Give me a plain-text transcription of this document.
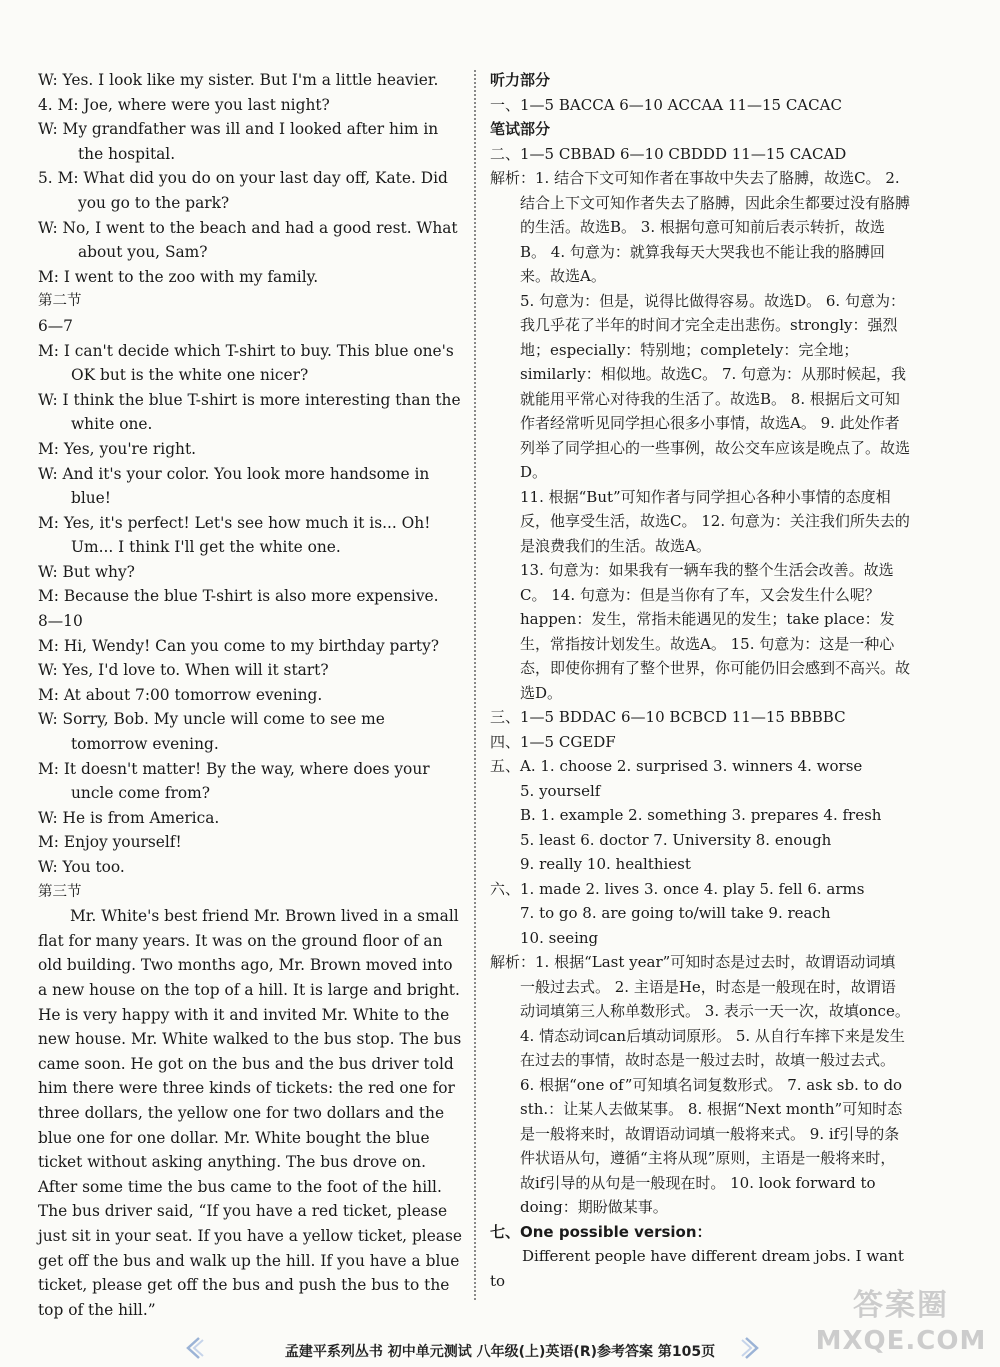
W: Yes. I look like my sister. But I'm a little heavier.

4. M: Joe, where were you last night?

W: My grandfather was ill and I looked after him in the hospital.

5. M: What did you do on your last day off, Kate. Did you go to the park?

W: No, I went to the beach and had a good rest. What about you, Sam?

M: I went to the zoo with my family.

第二节

6—7

M: I can't decide which T-shirt to buy. This blue one's OK but is the white one nicer?

W: I think the blue T-shirt is more interesting than the white one.

M: Yes, you're right.

W: And it's your color. You look more handsome in blue!

M: Yes, it's perfect! Let's see how much it is... Oh! Um... I think I'll get the white one.

W: But why?

M: Because the blue T-shirt is also more expensive.

8—10

M: Hi, Wendy! Can you come to my birthday party?

W: Yes, I'd love to. When will it start?

M: At about 7:00 tomorrow evening.

W: Sorry, Bob. My uncle will come to see me tomorrow evening.

M: It doesn't matter! By the way, where does your uncle come from?

W: He is from America.

M: Enjoy yourself!

W: You too.

第三节

Mr. White's best friend Mr. Brown lived in a small flat for many years. It was on the ground floor of an old building. Two months ago, Mr. Brown moved into a new house on the top of a hill. It is large and bright. He is very happy with it and invited Mr. White to the new house. Mr. White walked to the bus stop. The bus came soon. He got on the bus and the bus driver told him there were three kinds of tickets: the red one for three dollars, the yellow one for two dollars and the blue one for one dollar. Mr. White bought the blue ticket without asking anything. The bus drove on. After some time the bus came to the foot of the hill. The bus driver said, “If you have a red ticket, please just sit in your seat. If you have a yellow ticket, please get off the bus and walk up the hill. If you have a blue ticket, please get off the bus and push the bus to the top of the hill.”

听力部分

一、1—5 BACCA 6—10 ACCAA 11—15 CACAC

笔试部分

二、1—5 CBBAD 6—10 CBDDD 11—15 CACAD

解析：1. 结合下文可知作者在事故中失去了胳膊，故选C。 2. 结合上下文可知作者失去了胳膊，因此余生都要过没有胳膊的生活。故选B。 3. 根据句意可知前后表示转折，故选B。 4. 句意为：就算我每天大哭我也不能让我的胳膊回来。故选A。

5. 句意为：但是，说得比做得容易。故选D。 6. 句意为：我几乎花了半年的时间才完全走出悲伤。strongly：强烈地；especially：特别地；completely：完全地；similarly：相似地。故选C。 7. 句意为：从那时候起，我就能用平常心对待我的生活了。故选B。 8. 根据后文可知作者经常听见同学担心很多小事情，故选A。 9. 此处作者列举了同学担心的一些事例，故公交车应该是晚点了。故选D。

11. 根据“But”可知作者与同学担心各种小事情的态度相反，他享受生活，故选C。 12. 句意为：关注我们所失去的是浪费我们的生活。故选A。

13. 句意为：如果我有一辆车我的整个生活会改善。故选C。 14. 句意为：但是当你有了车，又会发生什么呢？happen：发生，常指未能遇见的发生；take place：发生，常指按计划发生。故选A。 15. 句意为：这是一种心态，即使你拥有了整个世界，你可能仍旧会感到不高兴。故选D。

三、1—5 BDDAC 6—10 BCBCD 11—15 BBBBC

四、1—5 CGEDF

五、A. 1. choose 2. surprised 3. winners 4. worse

5. yourself

B. 1. example 2. something 3. prepares 4. fresh

5. least 6. doctor 7. University 8. enough

9. really 10. healthiest

六、1. made 2. lives 3. once 4. play 5. fell 6. arms

7. to go 8. are going to/will take 9. reach

10. seeing

解析：1. 根据“Last year”可知时态是过去时，故谓语动词填一般过去式。 2. 主语是He，时态是一般现在时，故谓语动词填第三人称单数形式。 3. 表示一天一次，故填once。 4. 情态动词can后填动词原形。 5. 从自行车摔下来是发生在过去的事情，故时态是一般过去时，故填一般过去式。 6. 根据“one of”可知填名词复数形式。 7. ask sb. to do sth.：让某人去做某事。 8. 根据“Next month”可知时态是一般将来时，故谓语动词填一般将来式。 9. if引导的条件状语从句，遵循“主将从现”原则，主语是一般将来时，故if引导的从句是一般现在时。 10. look forward to doing：期盼做某事。

七、One possible version：

Different people have different dream jobs. I want to

孟建平系列丛书 初中单元测试 八年级(上)英语(R)参考答案 第105页
答案圈
MXQE.COM
